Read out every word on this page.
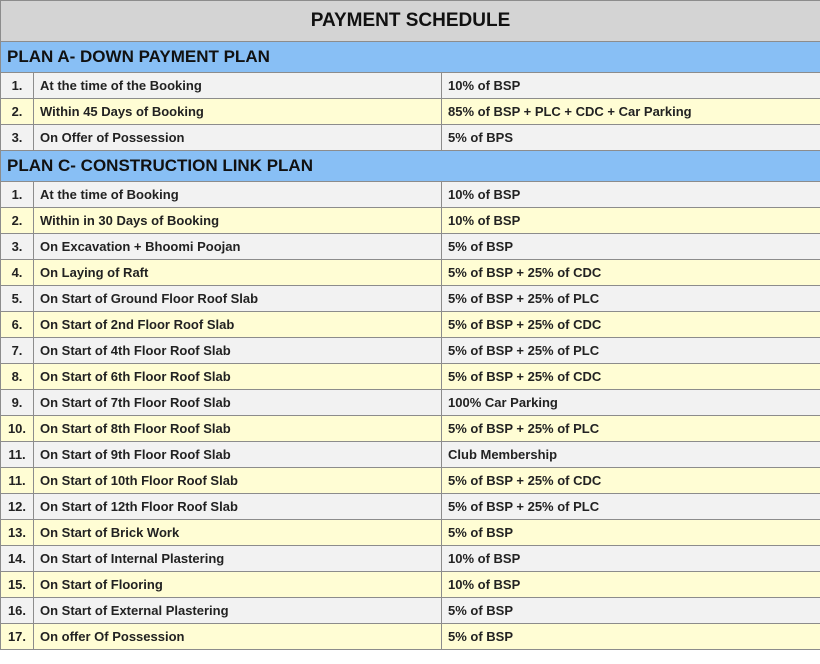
PAYMENT SCHEDULE		
PLAN A- DOWN PAYMENT PLAN		
1.	At the time of the Booking	10% of BSP
2.	Within 45 Days of Booking	85% of BSP + PLC + CDC + Car Parking
3.	On Offer of Possession	5% of BPS
PLAN C- CONSTRUCTION LINK PLAN		
1.	At the time of Booking	10% of BSP
2.	Within in 30 Days of Booking	10% of BSP
3.	On Excavation + Bhoomi Poojan	5% of BSP
4.	On Laying of Raft	5% of BSP + 25% of CDC
5.	On Start of Ground Floor Roof Slab	5% of BSP + 25% of PLC
6.	On Start of 2nd Floor Roof Slab	5% of BSP + 25% of CDC
7.	On Start of 4th Floor Roof Slab	5% of BSP + 25% of PLC
8.	On Start of 6th Floor Roof Slab	5% of BSP + 25% of CDC
9.	On Start of 7th Floor Roof Slab	100% Car Parking
10.	On Start of 8th Floor Roof Slab	5% of BSP + 25% of PLC
11.	On Start of 9th Floor Roof Slab	Club Membership
11.	On Start of 10th Floor Roof Slab	5% of BSP + 25% of CDC
12.	On Start of 12th Floor Roof Slab	5% of BSP + 25% of PLC
13.	On Start of Brick Work	5% of BSP
14.	On Start of Internal Plastering	10% of BSP
15.	On Start of Flooring	10% of BSP
16.	On Start of External Plastering	5% of BSP
17.	On offer Of Possession	5% of BSP
